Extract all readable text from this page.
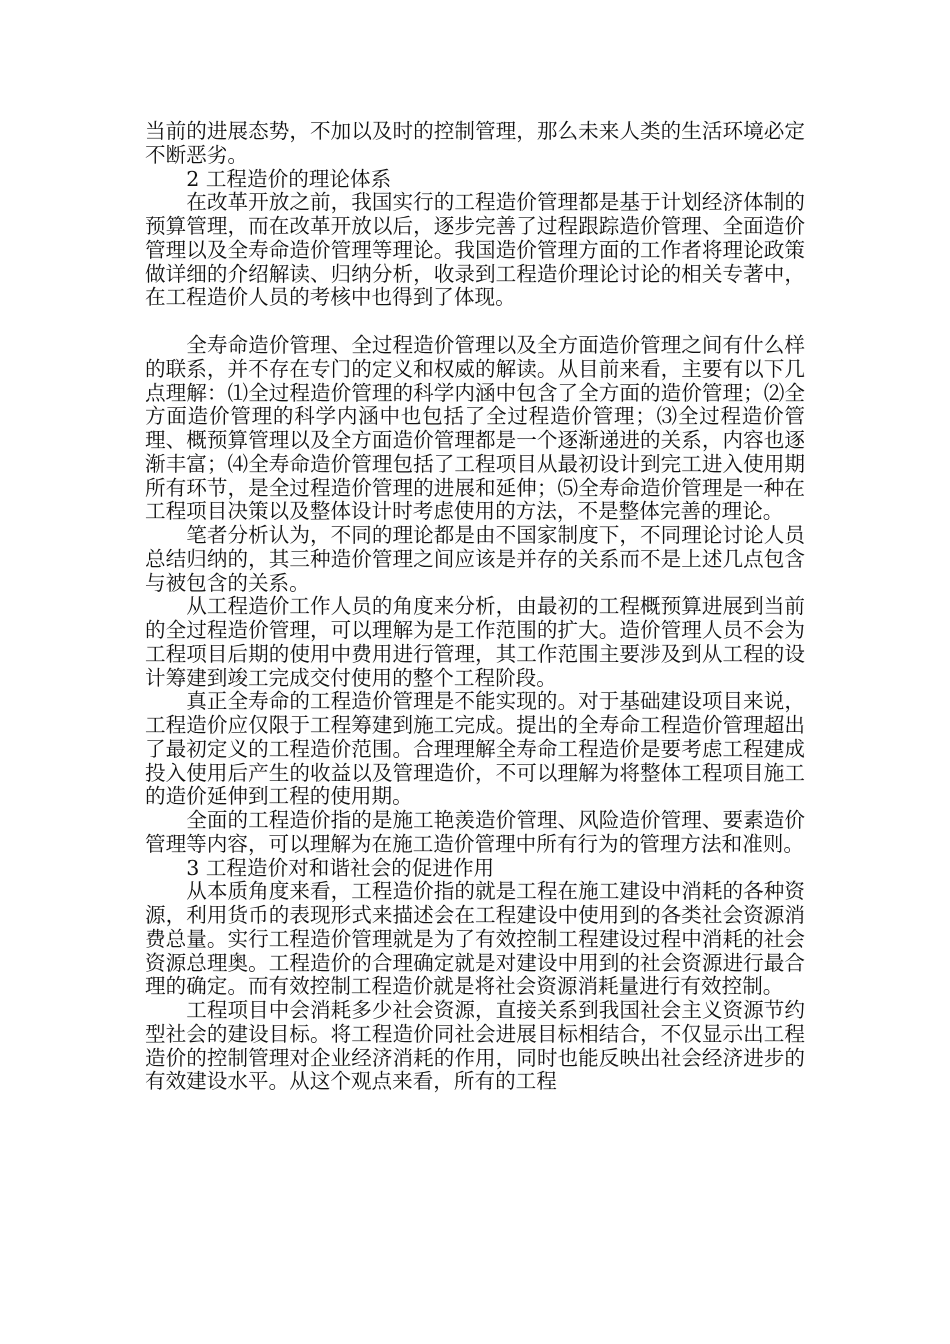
当前的进展态势，不加以及时的控制管理，那么未来人类的生活环境必定不断恶劣。

2 工程造价的理论体系

在改革开放之前，我国实行的工程造价管理都是基于计划经济体制的预算管理，而在改革开放以后，逐步完善了过程跟踪造价管理、全面造价管理以及全寿命造价管理等理论。我国造价管理方面的工作者将理论政策做详细的介绍解读、归纳分析，收录到工程造价理论讨论的相关专著中，在工程造价人员的考核中也得到了体现。

全寿命造价管理、全过程造价管理以及全方面造价管理之间有什么样的联系，并不存在专门的定义和权威的解读。从目前来看，主要有以下几点理解：⑴全过程造价管理的科学内涵中包含了全方面的造价管理；⑵全方面造价管理的科学内涵中也包括了全过程造价管理；⑶全过程造价管理、概预算管理以及全方面造价管理都是一个逐渐递进的关系，内容也逐渐丰富；⑷全寿命造价管理包括了工程项目从最初设计到完工进入使用期所有环节，是全过程造价管理的进展和延伸；⑸全寿命造价管理是一种在工程项目决策以及整体设计时考虑使用的方法，不是整体完善的理论。

笔者分析认为，不同的理论都是由不国家制度下，不同理论讨论人员总结归纳的，其三种造价管理之间应该是并存的关系而不是上述几点包含与被包含的关系。

从工程造价工作人员的角度来分析，由最初的工程概预算进展到当前的全过程造价管理，可以理解为是工作范围的扩大。造价管理人员不会为工程项目后期的使用中费用进行管理，其工作范围主要涉及到从工程的设计筹建到竣工完成交付使用的整个工程阶段。

真正全寿命的工程造价管理是不能实现的。对于基础建设项目来说，工程造价应仅限于工程筹建到施工完成。提出的全寿命工程造价管理超出了最初定义的工程造价范围。合理理解全寿命工程造价是要考虑工程建成投入使用后产生的收益以及管理造价，不可以理解为将整体工程项目施工的造价延伸到工程的使用期。

全面的工程造价指的是施工艳羡造价管理、风险造价管理、要素造价管理等内容，可以理解为在施工造价管理中所有行为的管理方法和准则。

3 工程造价对和谐社会的促进作用

从本质角度来看，工程造价指的就是工程在施工建设中消耗的各种资源，利用货币的表现形式来描述会在工程建设中使用到的各类社会资源消费总量。实行工程造价管理就是为了有效控制工程建设过程中消耗的社会资源总理奥。工程造价的合理确定就是对建设中用到的社会资源进行最合理的确定。而有效控制工程造价就是将社会资源消耗量进行有效控制。

工程项目中会消耗多少社会资源，直接关系到我国社会主义资源节约型社会的建设目标。将工程造价同社会进展目标相结合，不仅显示出工程造价的控制管理对企业经济消耗的作用，同时也能反映出社会经济进步的有效建设水平。从这个观点来看，所有的工程
